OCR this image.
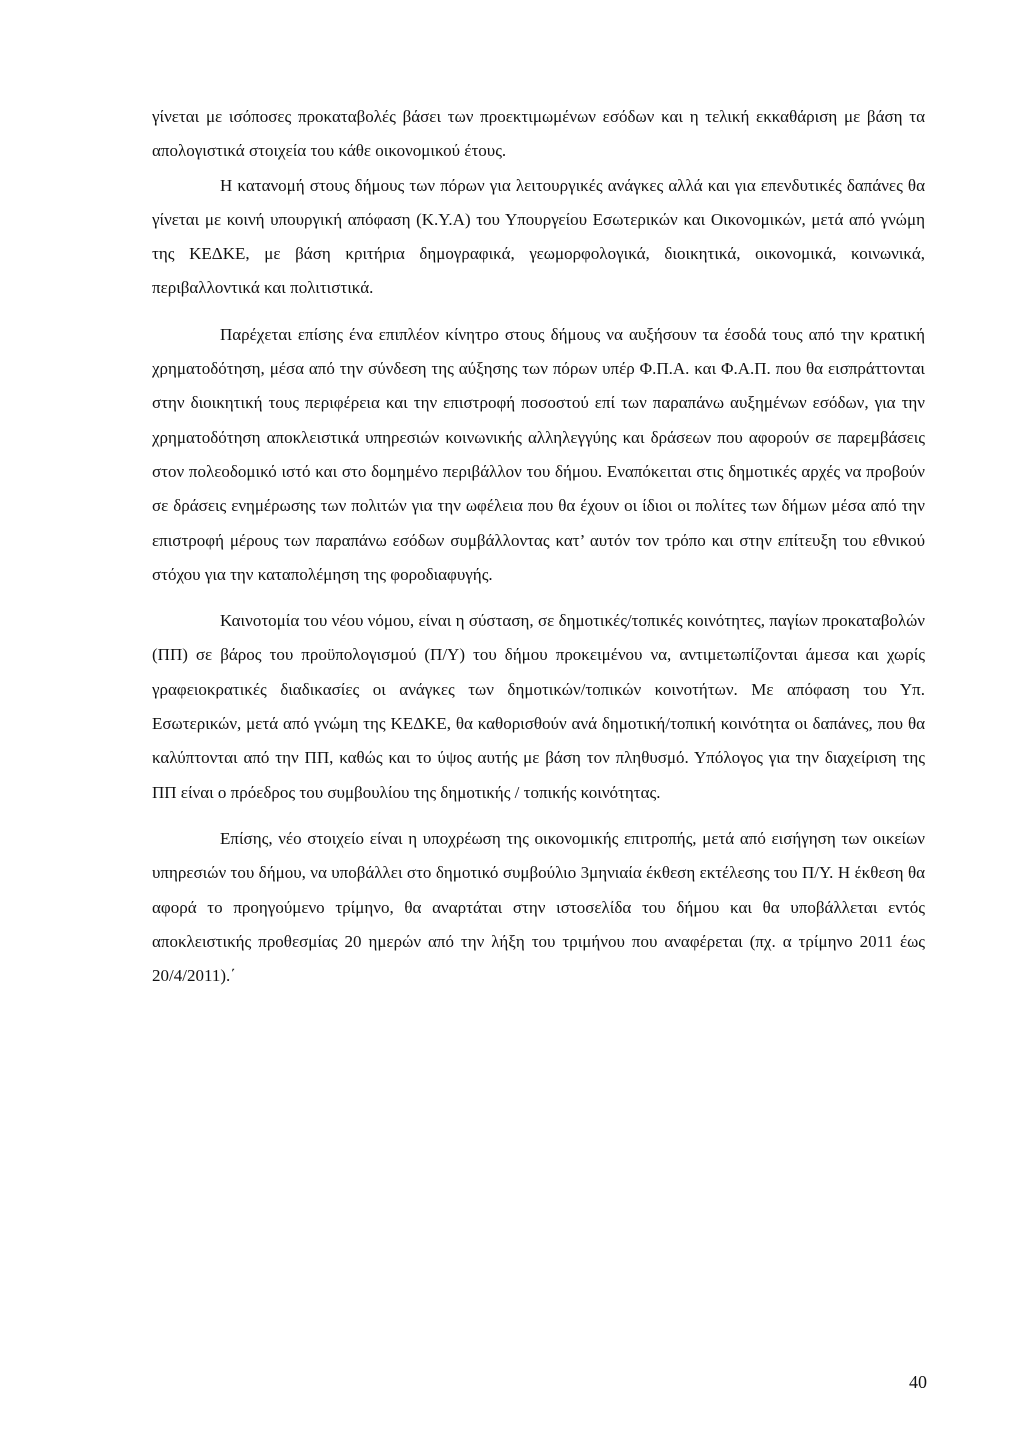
γίνεται με ισόποσες προκαταβολές βάσει των προεκτιμωμένων εσόδων και η τελική εκκαθάριση με βάση τα απολογιστικά στοιχεία του κάθε οικονομικού έτους.

Η κατανομή στους δήμους των πόρων για λειτουργικές ανάγκες αλλά και για επενδυτικές δαπάνες θα γίνεται με κοινή υπουργική απόφαση (Κ.Υ.Α) του Υπουργείου Εσωτερικών και Οικονομικών, μετά από γνώμη της ΚΕΔΚΕ, με βάση κριτήρια δημογραφικά, γεωμορφολογικά, διοικητικά, οικονομικά, κοινωνικά, περιβαλλοντικά και πολιτιστικά.

Παρέχεται επίσης ένα επιπλέον κίνητρο στους δήμους να αυξήσουν τα έσοδά τους από την κρατική χρηματοδότηση, μέσα από την σύνδεση της αύξησης των πόρων υπέρ Φ.Π.Α. και Φ.Α.Π. που θα εισπράττονται στην διοικητική τους περιφέρεια και την επιστροφή ποσοστού επί των παραπάνω αυξημένων εσόδων, για την χρηματοδότηση αποκλειστικά υπηρεσιών κοινωνικής αλληλεγγύης και δράσεων που αφορούν σε παρεμβάσεις στον πολεοδομικό ιστό και στο δομημένο περιβάλλον του δήμου. Εναπόκειται στις δημοτικές αρχές να προβούν σε δράσεις ενημέρωσης των πολιτών για την ωφέλεια που θα έχουν οι ίδιοι οι πολίτες των δήμων μέσα από την επιστροφή μέρους των παραπάνω εσόδων συμβάλλοντας κατ’ αυτόν τον τρόπο και στην επίτευξη του εθνικού στόχου για την καταπολέμηση της φοροδιαφυγής.

Καινοτομία του νέου νόμου, είναι η σύσταση, σε δημοτικές/τοπικές κοινότητες, παγίων προκαταβολών (ΠΠ) σε βάρος του προϋπολογισμού (Π/Υ) του δήμου προκειμένου να, αντιμετωπίζονται άμεσα και χωρίς γραφειοκρατικές διαδικασίες οι ανάγκες των δημοτικών/τοπικών κοινοτήτων. Με απόφαση του Υπ. Εσωτερικών, μετά από γνώμη της ΚΕΔΚΕ, θα καθορισθούν ανά δημοτική/τοπική κοινότητα οι δαπάνες, που θα καλύπτονται από την ΠΠ, καθώς και το ύψος αυτής με βάση τον πληθυσμό. Υπόλογος για την διαχείριση της ΠΠ είναι ο πρόεδρος του συμβουλίου της δημοτικής / τοπικής κοινότητας.

Επίσης, νέο στοιχείο είναι η υποχρέωση της οικονομικής επιτροπής, μετά από εισήγηση των οικείων υπηρεσιών του δήμου, να υποβάλλει στο δημοτικό συμβούλιο 3μηνιαία έκθεση εκτέλεσης του Π/Υ. Η έκθεση θα αφορά το προηγούμενο τρίμηνο, θα αναρτάται στην ιστοσελίδα του δήμου και θα υποβάλλεται εντός αποκλειστικής προθεσμίας 20 ημερών από την λήξη του τριμήνου που αναφέρεται (πχ. α τρίμηνο 2011 έως 20/4/2011).΄

40
